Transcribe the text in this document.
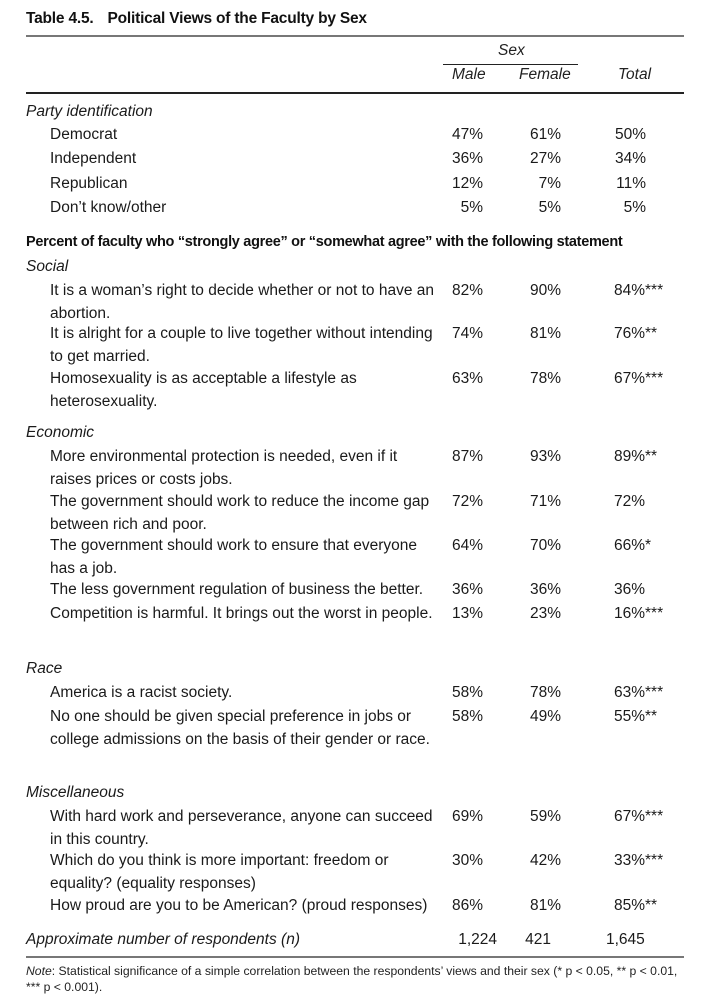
Table 4.5. Political Views of the Faculty by Sex
Sex
Male Female	Total
Party identification
Democrat	47%	61%	50%
Independent	36%	27%	34%
Republican	12%	7%	11%
Don’t know/other	5%	5%	5%
Percent of faculty who “strongly agree” or “somewhat agree” with the following statement
Social
It is a woman’s right to decide whether or not to have an abortion.
82%	90%	84%***
It is alright for a couple to live together without intending to get married.
74%	81%	76%**
Homosexuality is as acceptable a lifestyle as heterosexuality.
63%	78%	67%***
Economic
More environmental protection is needed, even if it raises prices or costs jobs.
87%	93%	89%**
The government should work to reduce the income gap between rich and poor.
72%	71%	72%
The government should work to ensure that everyone has a job.
64%	70%	66%*
The less government regulation of business the better.	36%	36%	36%
Competition is harmful. It brings out the worst in people. 13%	23%	16%***
Race
America is a racist society.	58%	78%	63%***
No one should be given special preference in jobs or college admissions on the basis of their gender or race.
58%	49%	55%**
Miscellaneous
With hard work and perseverance, anyone can succeed in this country.
69%	59%	67%***
Which do you think is more important: freedom or equality? (equality responses)
30%	42%	33%***
How proud are you to be American? (proud responses)	86%	81%	85%**
Approximate number of respondents (n)	1,224 421	1,645
Note: Statistical significance of a simple correlation between the respondents’ views and their sex (* p < 0.05, ** p < 0.01, *** p < 0.001).
